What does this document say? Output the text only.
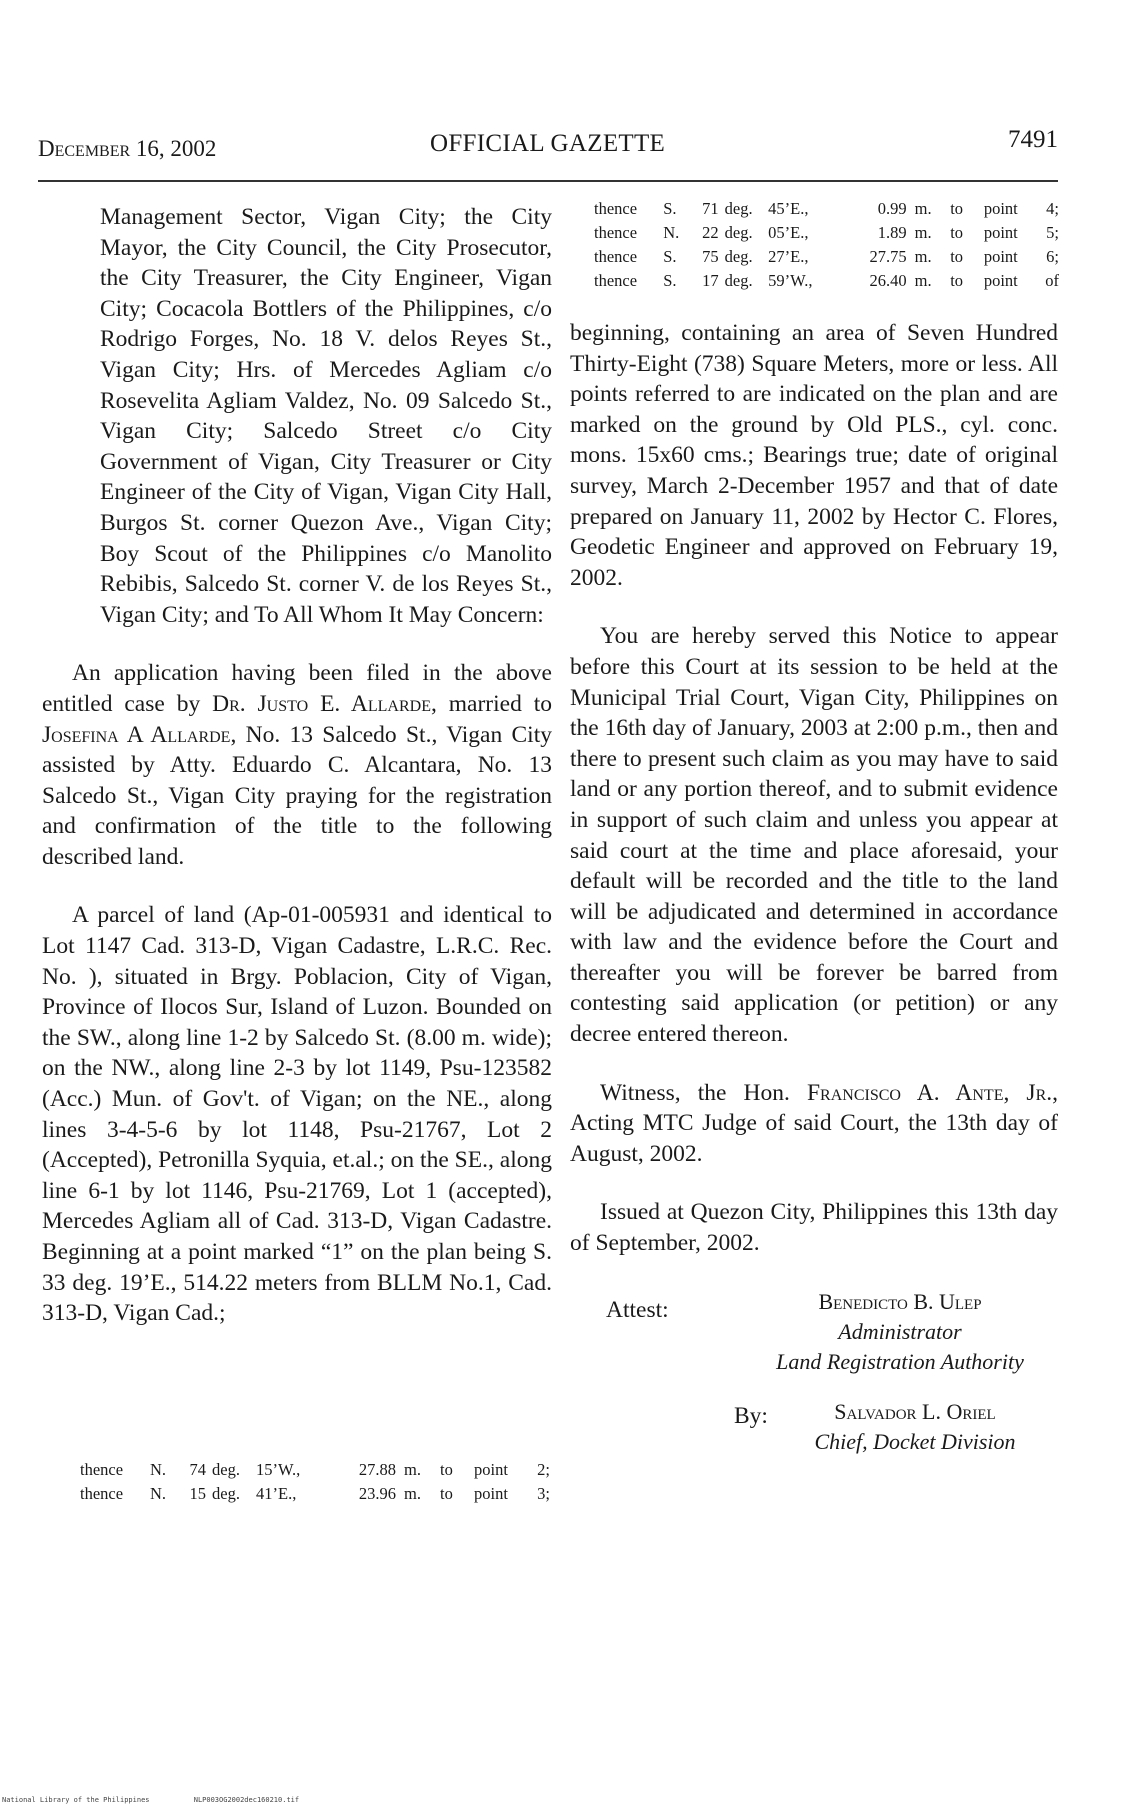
December 16, 2002	OFFICIAL GAZETTE	7491

Management Sector, Vigan City; the City Mayor, the City Council, the City Prosecutor, the City Treasurer, the City Engineer, Vigan City; Cocacola Bottlers of the Philippines, c/o Rodrigo Forges, No. 18 V. delos Reyes St., Vigan City; Hrs. of Mercedes Agliam c/o Rosevelita Agliam Valdez, No. 09 Salcedo St., Vigan City; Salcedo Street c/o City Government of Vigan, City Treasurer or City Engineer of the City of Vigan, Vigan City Hall, Burgos St. corner Quezon Ave., Vigan City; Boy Scout of the Philippines c/o Manolito Rebibis, Salcedo St. corner V. de los Reyes St., Vigan City; and To All Whom It May Concern:

An application having been filed in the above entitled case by Dr. Justo E. Allarde, married to Josefina A Allarde, No. 13 Salcedo St., Vigan City assisted by Atty. Eduardo C. Alcantara, No. 13 Salcedo St., Vigan City praying for the registration and confirmation of the title to the following described land.

A parcel of land (Ap-01-005931 and identical to Lot 1147 Cad. 313-D, Vigan Cadastre, L.R.C. Rec. No. ), situated in Brgy. Poblacion, City of Vigan, Province of Ilocos Sur, Island of Luzon. Bounded on the SW., along line 1-2 by Salcedo St. (8.00 m. wide); on the NW., along line 2-3 by lot 1149, Psu-123582 (Acc.) Mun. of Gov't. of Vigan; on the NE., along lines 3-4-5-6 by lot 1148, Psu-21767, Lot 2 (Accepted), Petronilla Syquia, et.al.; on the SE., along line 6-1 by lot 1146, Psu-21769, Lot 1 (accepted), Mercedes Agliam all of Cad. 313-D, Vigan Cadastre. Beginning at a point marked “1” on the plan being S. 33 deg. 19’E., 514.22 meters from BLLM No.1, Cad. 313-D, Vigan Cad.;

thence	N.	74 deg. 15’W.,	27.88 m.	to	point	2;
thence	N.	15 deg. 41’E.,	23.96 m.	to	point	3;
thence	S.	71 deg. 45’E.,	0.99 m.	to	point	4;
thence	N.	22 deg. 05’E.,	1.89 m.	to	point	5;
thence	S.	75 deg. 27’E.,	27.75 m.	to	point	6;
thence	S.	17 deg. 59’W.,	26.40 m.	to	point	of

beginning, containing an area of Seven Hundred Thirty-Eight (738) Square Meters, more or less. All points referred to are indicated on the plan and are marked on the ground by Old PLS., cyl. conc. mons. 15x60 cms.; Bearings true; date of original survey, March 2-December 1957 and that of date prepared on January 11, 2002 by Hector C. Flores, Geodetic Engineer and approved on February 19, 2002.

You are hereby served this Notice to appear before this Court at its session to be held at the Municipal Trial Court, Vigan City, Philippines on the 16th day of January, 2003 at 2:00 p.m., then and there to present such claim as you may have to said land or any portion thereof, and to submit evidence in support of such claim and unless you appear at said court at the time and place aforesaid, your default will be recorded and the title to the land will be adjudicated and determined in accordance with law and the evidence before the Court and thereafter you will be forever be barred from contesting said application (or petition) or any decree entered thereon.

Witness, the Hon. Francisco A. Ante, Jr., Acting MTC Judge of said Court, the 13th day of August, 2002.

Issued at Quezon City, Philippines this 13th day of September, 2002.

Attest:	Benedicto B. Ulep
Administrator
Land Registration Authority
By:	Salvador L. Oriel
Chief, Docket Division
National Library of the Philippines	NLP003OG2002dec160210.tif
